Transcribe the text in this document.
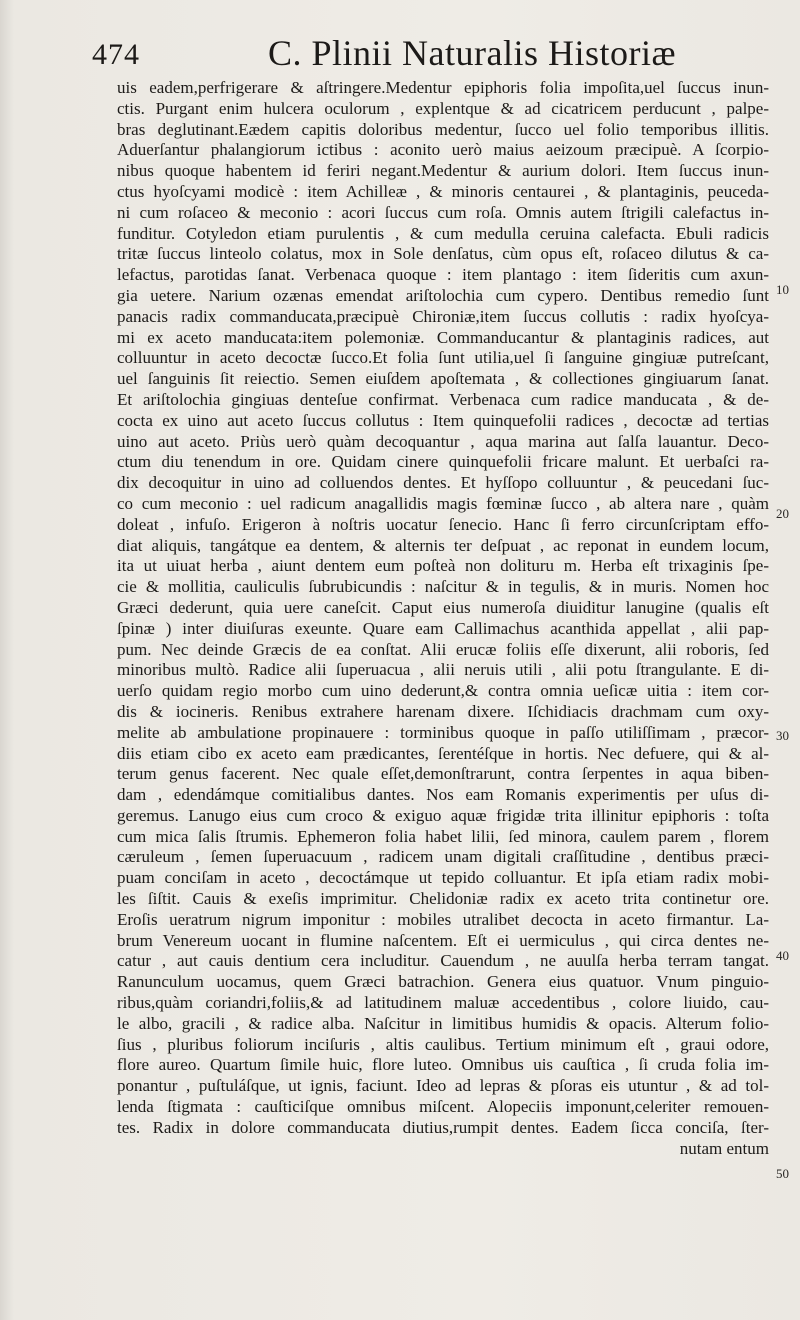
474	C. Plinii Naturalis Historiæ
uis eadem,perfrigerare & aſtringere.Medentur epiphoris folia impoſita,uel ſuccus inun-
ctis. Purgant enim hulcera oculorum , explentque & ad cicatricem perducunt , palpe-
bras deglutinant.Eædem capitis doloribus medentur, ſucco uel folio temporibus illitis.
Aduerſantur phalangiorum ictibus : aconito uerò maius aeizoum præcipuè. A ſcorpio-
nibus quoque habentem id feriri negant.Medentur & aurium dolori. Item ſuccus inun-
ctus hyoſcyami modicè : item Achilleæ , & minoris centaurei , & plantaginis, peuceda-
ni cum roſaceo & meconio : acori ſuccus cum roſa. Omnis autem ſtrigili calefactus in-
funditur. Cotyledon etiam purulentis , & cum medulla ceruina calefacta. Ebuli radicis
tritæ ſuccus linteolo colatus, mox in Sole denſatus, cùm opus eſt, roſaceo dilutus & ca-
lefactus, parotidas ſanat. Verbenaca quoque : item plantago : item ſideritis cum axun-
gia uetere. Narium ozænas emendat ariſtolochia cum cypero. Dentibus remedio ſunt
panacis radix commanducata,præcipuè Chironiæ,item ſuccus collutis : radix hyoſcya-
mi ex aceto manducata:item polemoniæ. Commanducantur & plantaginis radices, aut
colluuntur in aceto decoctæ ſucco.Et folia ſunt utilia,uel ſi ſanguine gingiuæ putreſcant,
uel ſanguinis ſit reiectio. Semen eiuſdem apoſtemata , & collectiones gingiuarum ſanat.
Et ariſtolochia gingiuas denteſue confirmat. Verbenaca cum radice manducata , & de-
cocta ex uino aut aceto ſuccus collutus : Item quinquefolii radices , decoctæ ad tertias
uino aut aceto. Priùs uerò quàm decoquantur , aqua marina aut ſalſa lauantur. Deco-
ctum diu tenendum in ore. Quidam cinere quinquefolii fricare malunt. Et uerbaſci ra-
dix decoquitur in uino ad colluendos dentes. Et hyſſopo colluuntur , & peucedani ſuc-
co cum meconio : uel radicum anagallidis magis fœminæ ſucco , ab altera nare , quàm
doleat , infuſo. Erigeron à noſtris uocatur ſenecio. Hanc ſi ferro circunſcriptam effo-
diat aliquis, tangátque ea dentem, & alternis ter deſpuat , ac reponat in eundem locum,
ita ut uiuat herba , aiunt dentem eum poſteà non dolituru m. Herba eſt trixaginis ſpe-
cie & mollitia, cauliculis ſubrubicundis : naſcitur & in tegulis, & in muris. Nomen hoc
Græci dederunt, quia uere caneſcit. Caput eius numeroſa diuiditur lanugine (qualis eſt
ſpinæ ) inter diuiſuras exeunte. Quare eam Callimachus acanthida appellat , alii pap-
pum. Nec deinde Græcis de ea conſtat. Alii erucæ foliis eſſe dixerunt, alii roboris, ſed
minoribus multò. Radice alii ſuperuacua , alii neruis utili , alii potu ſtrangulante. E di-
uerſo quidam regio morbo cum uino dederunt,& contra omnia ueſicæ uitia : item cor-
dis & iocineris. Renibus extrahere harenam dixere. Iſchidiacis drachmam cum oxy-
melite ab ambulatione propinauere : torminibus quoque in paſſo utiliſſimam , præcor-
diis etiam cibo ex aceto eam prædicantes, ſerentéſque in hortis. Nec defuere, qui & al-
terum genus facerent. Nec quale eſſet,demonſtrarunt, contra ſerpentes in aqua biben-
dam , edendámque comitialibus dantes. Nos eam Romanis experimentis per uſus di-
geremus. Lanugo eius cum croco & exiguo aquæ frigidæ trita illinitur epiphoris : toſta
cum mica ſalis ſtrumis. Ephemeron folia habet lilii, ſed minora, caulem parem , florem
cæruleum , ſemen ſuperuacuum , radicem unam digitali craſſitudine , dentibus præci-
puam conciſam in aceto , decoctámque ut tepido colluantur. Et ipſa etiam radix mobi-
les ſiſtit. Cauis & exeſis imprimitur. Chelidoniæ radix ex aceto trita continetur ore.
Eroſis ueratrum nigrum imponitur : mobiles utralibet decocta in aceto firmantur. La-
brum Venereum uocant in flumine naſcentem. Eſt ei uermiculus , qui circa dentes ne-
catur , aut cauis dentium cera includitur. Cauendum , ne auulſa herba terram tangat.
Ranunculum uocamus, quem Græci batrachion. Genera eius quatuor. Vnum pinguio-
ribus,quàm coriandri,foliis,& ad latitudinem maluæ accedentibus , colore liuido, cau-
le albo, gracili , & radice alba. Naſcitur in limitibus humidis & opacis. Alterum folio-
ſius , pluribus foliorum inciſuris , altis caulibus. Tertium minimum eſt , graui odore,
flore aureo. Quartum ſimile huic, flore luteo. Omnibus uis cauſtica , ſi cruda folia im-
ponantur , puſtuláſque, ut ignis, faciunt. Ideo ad lepras & pſoras eis utuntur , & ad tol-
lenda ſtigmata : cauſticiſque omnibus miſcent. Alopeciis imponunt,celeriter remouen-
tes. Radix in dolore commanducata diutius,rumpit dentes. Eadem ſicca conciſa, ſter-
nutam entum
10
20
30
40
50
